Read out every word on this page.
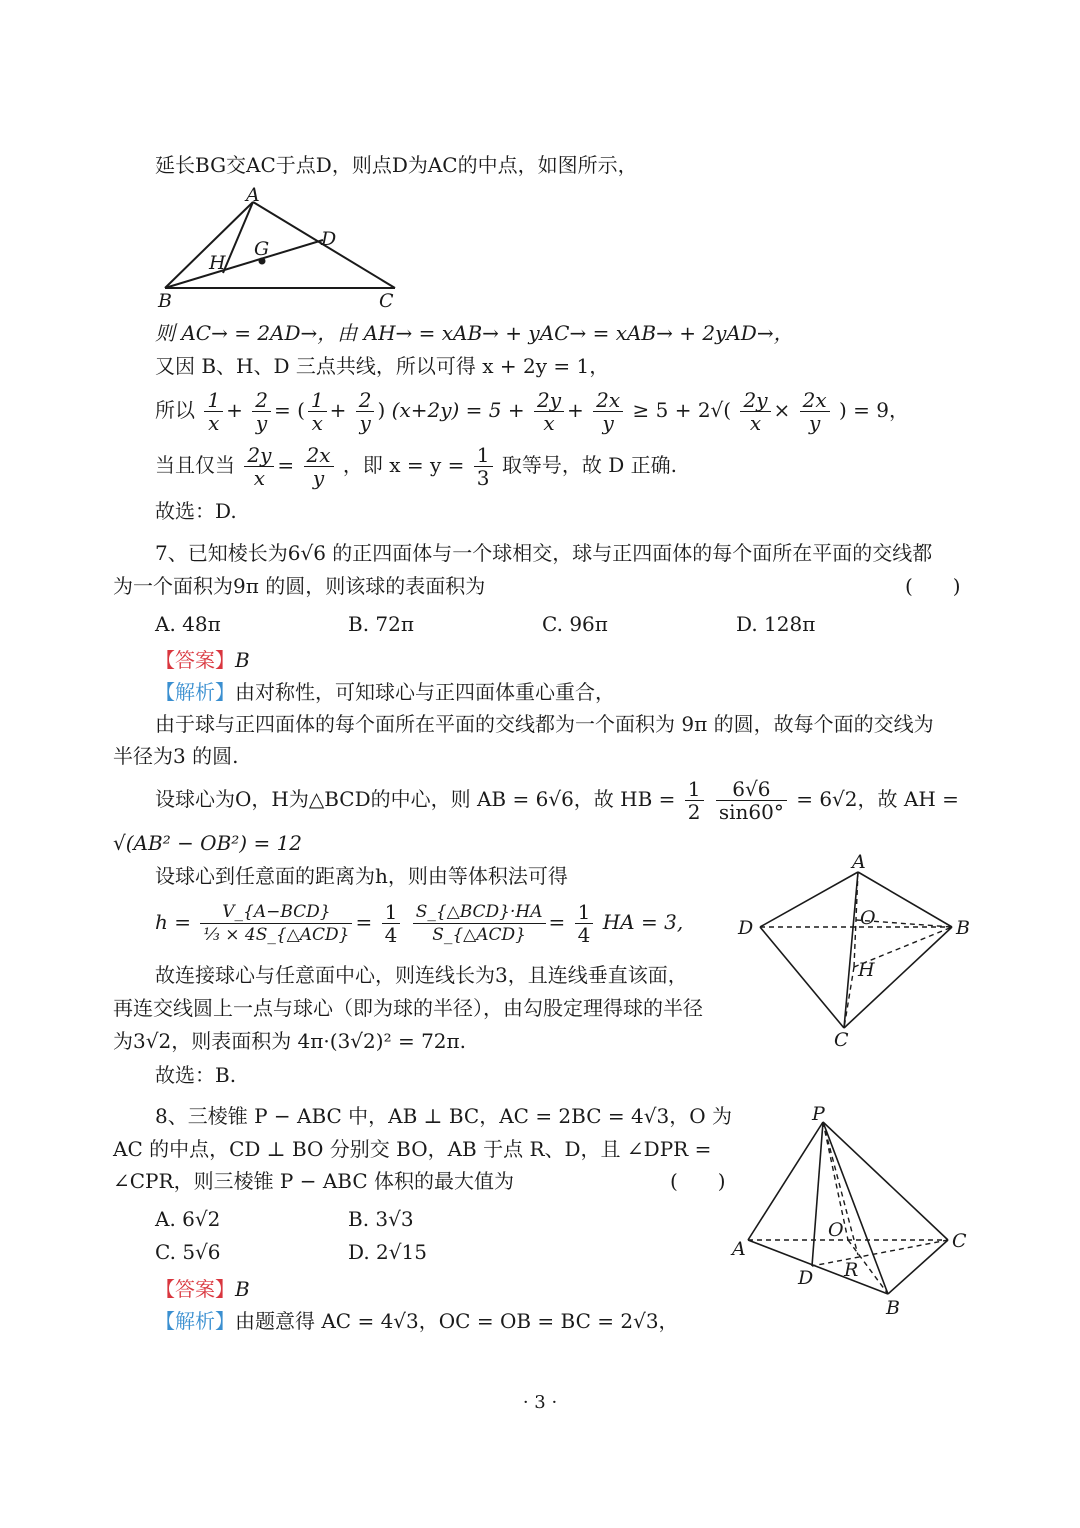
延长BG交AC于点D，则点D为AC的中点，如图所示，
A
B	C
D
G
H
则 AC→ = 2AD→，由 AH→ = xAB→ + yAC→ = xAB→ + 2yAD→，
又因 B、H、D 三点共线，所以可得 x + 2y = 1，
所以 $\frac{1}{x} + \frac{2}{y}$ = ( $\frac{1}{x} + \frac{2}{y}$ ) $(x+2y) = 5 + \frac{2y}{x} + \frac{2x}{y} \ge 5 + 2√( \frac{2y}{x} \times \frac{2x}{y}$ ) = 9，
当且仅当 $\frac{2y}{x} = \frac{2x}{y}$ ，即 $x = y = \frac{1}{3}$ 取等号，故 D 正确.
故选：D.
7、已知棱长为6√6 的正四面体与一个球相交，球与正四面体的每个面所在平面的交线都
为一个面积为9π 的圆，则该球的表面积为	(　　)
A. 48π	B. 72π	C. 96π	D. 128π
【答案】B
【解析】由对称性，可知球心与正四面体重心重合，
由于球与正四面体的每个面所在平面的交线都为一个面积为 9π 的圆，故每个面的交线为
半径为3 的圆.
设球心为O，H为△BCD的中心，则 AB = 6√6，故 HB = $\frac{1}{2}$
$\frac{6√6}{\sin 60^\circ} = 6√2$，故 AH =
√(AB² − OB²) = 12
设球心到任意面的距离为h，则由等体积法可得
$h = \frac{\text{V\_\{A−BCD\}}}{\text{⅓ × 4S\_\{△ACD\}}} = \frac{1}{4}$
$\frac{\text{S\_\{△BCD\}·HA}}{\text{S\_\{△ACD\}}} = \frac{1}{4}$ HA = 3,
故连接球心与任意面中心，则连线长为3，且连线垂直该面，
再连交线圆上一点与球心（即为球的半径），由勾股定理得球的半径
为3√2，则表面积为 4π·(3√2)² = 72π.
故选：B.
A
B
C
D	O
H
8、三棱锥 P − ABC 中，AB ⊥ BC，AC = 2BC = 4√3，O 为
AC 的中点，CD ⊥ BO 分别交 BO，AB 于点 R、D，且 ∠DPR =
∠CPR，则三棱锥 P − ABC 体积的最大值为	(　　)
A. 6√2	B. 3√3
C. 5√6	D. 2√15
【答案】B
【解析】由题意得 AC = 4√3，OC = OB = BC = 2√3，
P
A
B
C
D
O
R
· 3 ·
